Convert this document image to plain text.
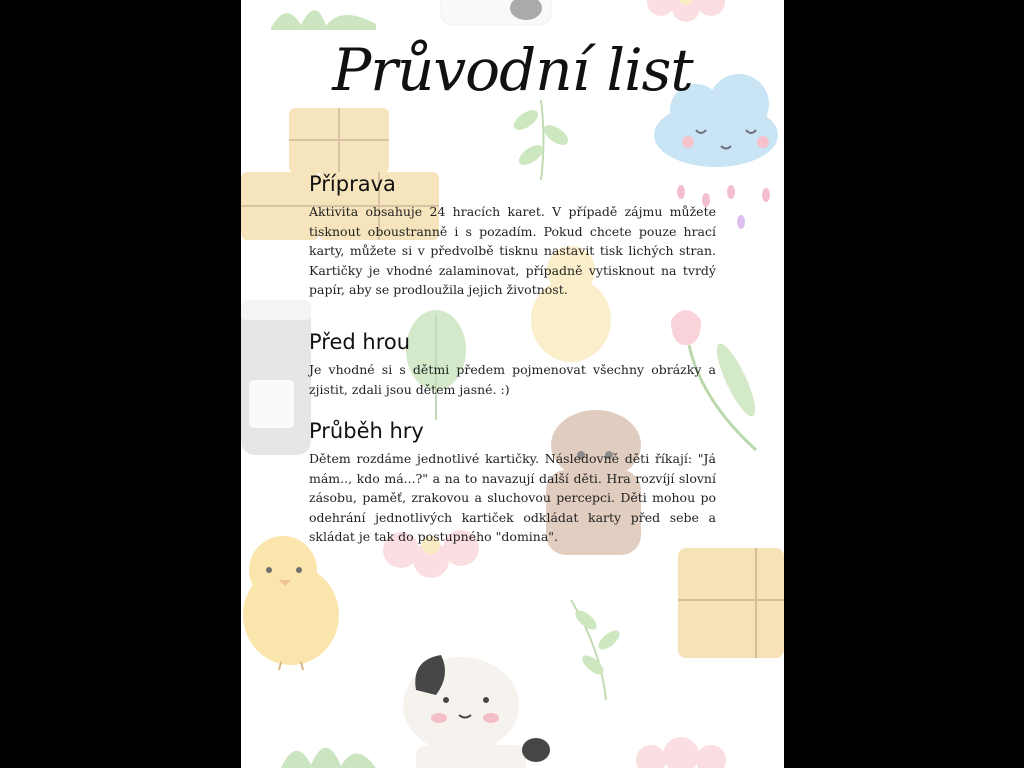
Průvodní list
Příprava

Aktivita obsahuje 24 hracích karet. V případě zájmu můžete tisknout oboustranně i s pozadím. Pokud chcete pouze hrací karty, můžete si v předvolbě tisknu nastavit tisk lichých stran. Kartičky je vhodné zalaminovat, případně vytisknout na tvrdý papír, aby se prodloužila jejich životnost.

Před hrou

Je vhodné si s dětmi předem pojmenovat všechny obrázky a zjistit, zdali jsou dětem jasné. :)

Průběh hry

Dětem rozdáme jednotlivé kartičky. Následovně děti říkají: "Já mám.., kdo má...?" a na to navazují další děti. Hra rozvíjí slovní zásobu, paměť, zrakovou a sluchovou percepci. Děti mohou po odehrání jednotlivých kartiček odkládat karty před sebe a skládat je tak do postupného "domina".
